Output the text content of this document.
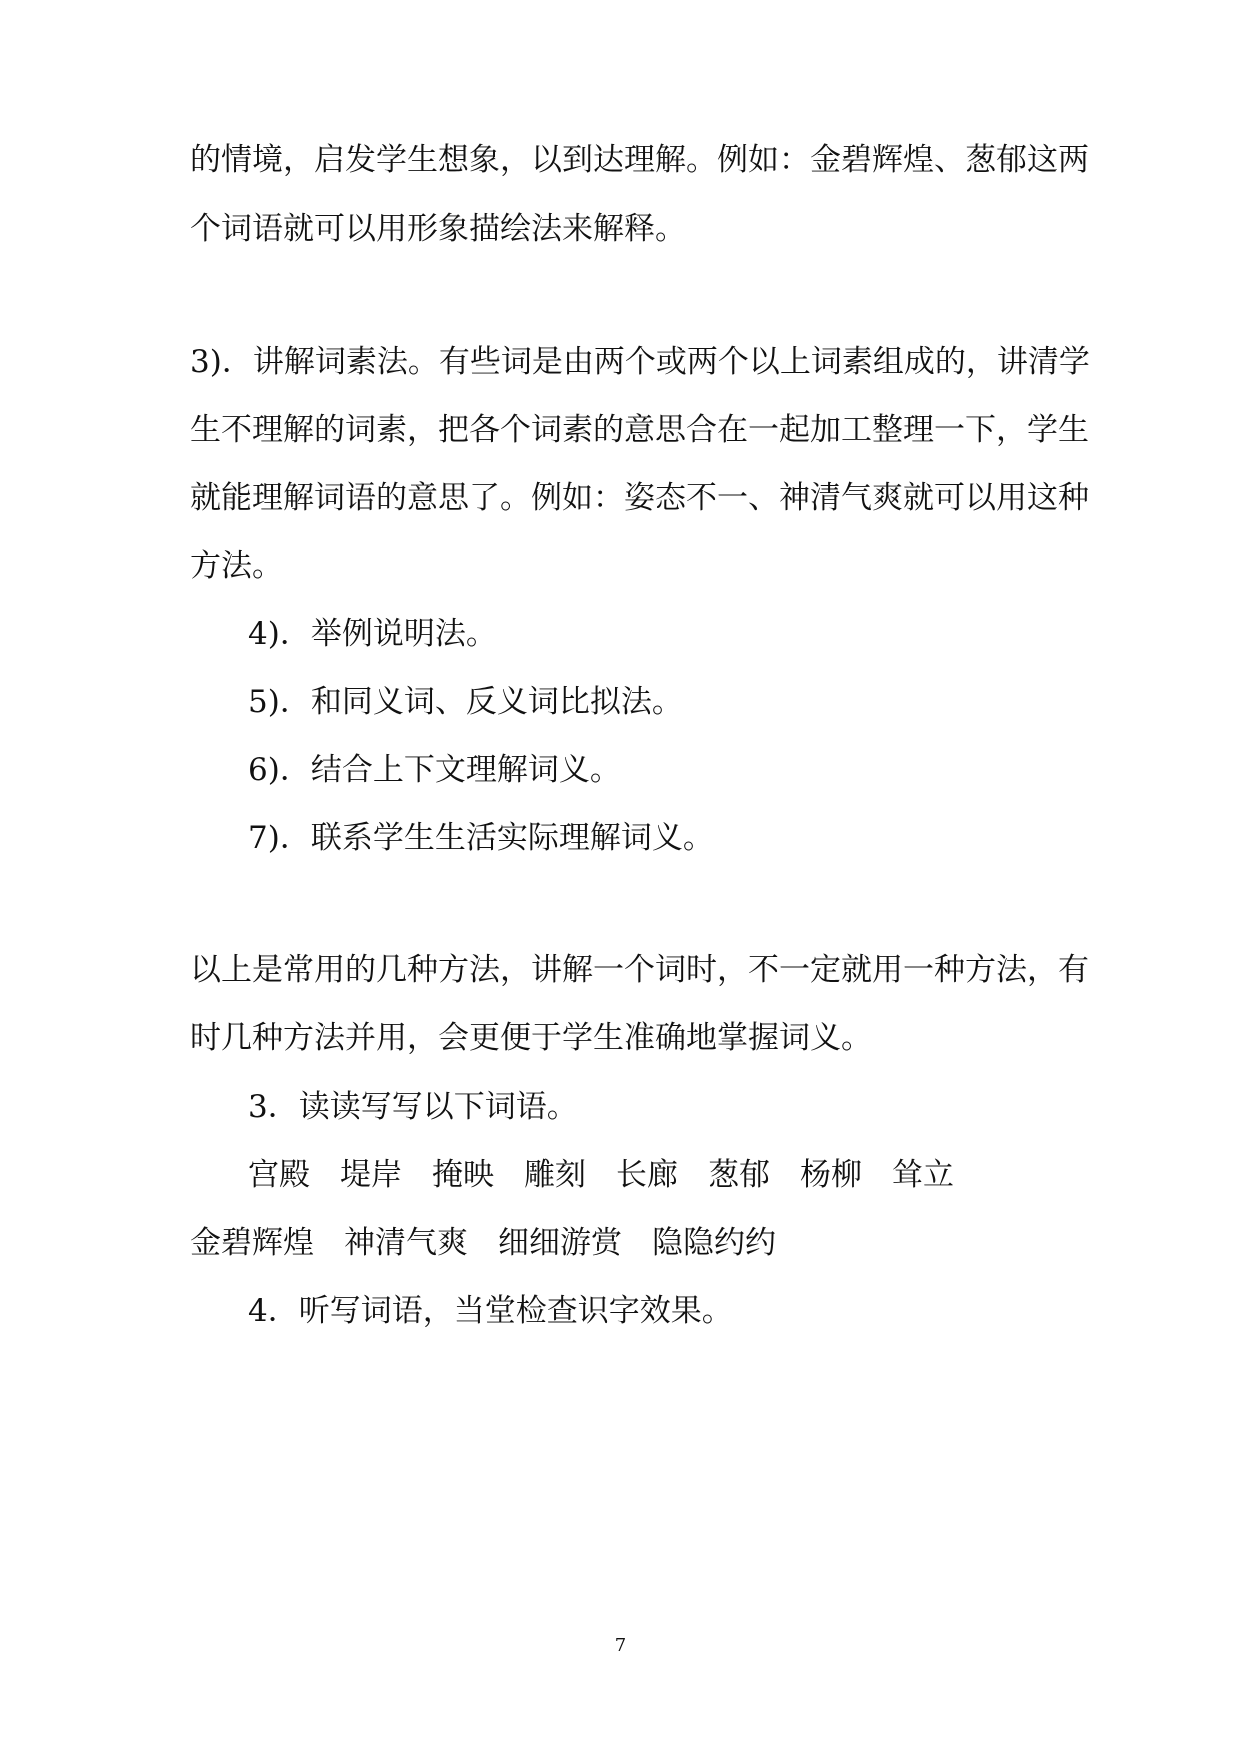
的情境，启发学生想象，以到达理解。例如：金碧辉煌、葱郁这两

个词语就可以用形象描绘法来解释。

3)．讲解词素法。有些词是由两个或两个以上词素组成的，讲清学

生不理解的词素，把各个词素的意思合在一起加工整理一下，学生

就能理解词语的意思了。例如：姿态不一、神清气爽就可以用这种

方法。

4)．举例说明法。

5)．和同义词、反义词比拟法。

6)．结合上下文理解词义。

7)．联系学生生活实际理解词义。

以上是常用的几种方法，讲解一个词时，不一定就用一种方法，有

时几种方法并用，会更便于学生准确地掌握词义。

3．读读写写以下词语。

宫殿 堤岸 掩映 雕刻 长廊 葱郁 杨柳 耸立
金碧辉煌 神清气爽 细细游赏 隐隐约约

4．听写词语，当堂检查识字效果。

7
